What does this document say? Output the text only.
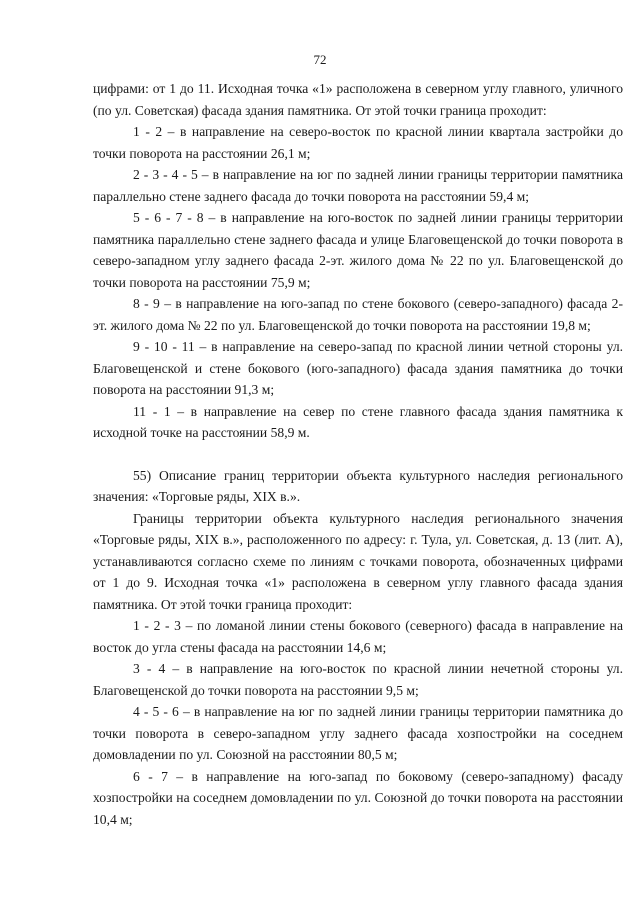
72

цифрами: от 1 до 11. Исходная точка «1» расположена в северном углу главного, уличного (по ул. Советская) фасада здания памятника. От этой точки граница проходит:

1 - 2 – в направление на северо-восток по красной линии квартала застройки до точки поворота на расстоянии 26,1 м;

2 - 3 - 4 - 5 – в направление на юг по задней линии границы территории памятника параллельно стене заднего фасада до точки поворота на расстоянии 59,4 м;

5 - 6 - 7 - 8 – в направление на юго-восток по задней линии границы территории памятника параллельно стене заднего фасада и улице Благовещенской до точки поворота в северо-западном углу заднего фасада 2-эт. жилого дома № 22 по ул. Благовещенской до точки поворота на расстоянии 75,9 м;

8 - 9 – в направление на юго-запад по стене бокового (северо-западного) фасада 2-эт. жилого дома № 22 по ул. Благовещенской до точки поворота на расстоянии 19,8 м;

9 - 10 - 11 – в направление на северо-запад по красной линии четной стороны ул. Благовещенской и стене бокового (юго-западного) фасада здания памятника до точки поворота на расстоянии 91,3 м;

11 - 1 – в направление на север по стене главного фасада здания памятника к исходной точке на расстоянии 58,9 м.

55) Описание границ территории объекта культурного наследия регионального значения: «Торговые ряды, XIX в.».

Границы территории объекта культурного наследия регионального значения «Торговые ряды, XIX в.», расположенного по адресу: г. Тула, ул. Советская, д. 13 (лит. А), устанавливаются согласно схеме по линиям с точками поворота, обозначенных цифрами от 1 до 9. Исходная точка «1» расположена в северном углу главного фасада здания памятника. От этой точки граница проходит:

1 - 2 - 3 – по ломаной линии стены бокового (северного) фасада в направление на восток до угла стены фасада на расстоянии 14,6 м;

3 - 4 – в направление на юго-восток по красной линии нечетной стороны ул. Благовещенской до точки поворота на расстоянии 9,5 м;

4 - 5 - 6 – в направление на юг по задней линии границы территории памятника до точки поворота в северо-западном углу заднего фасада хозпостройки на соседнем домовладении по ул. Союзной на расстоянии 80,5 м;

6 - 7 – в направление на юго-запад по боковому (северо-западному) фасаду хозпостройки на соседнем домовладении по ул. Союзной до точки поворота на расстоянии 10,4 м;
